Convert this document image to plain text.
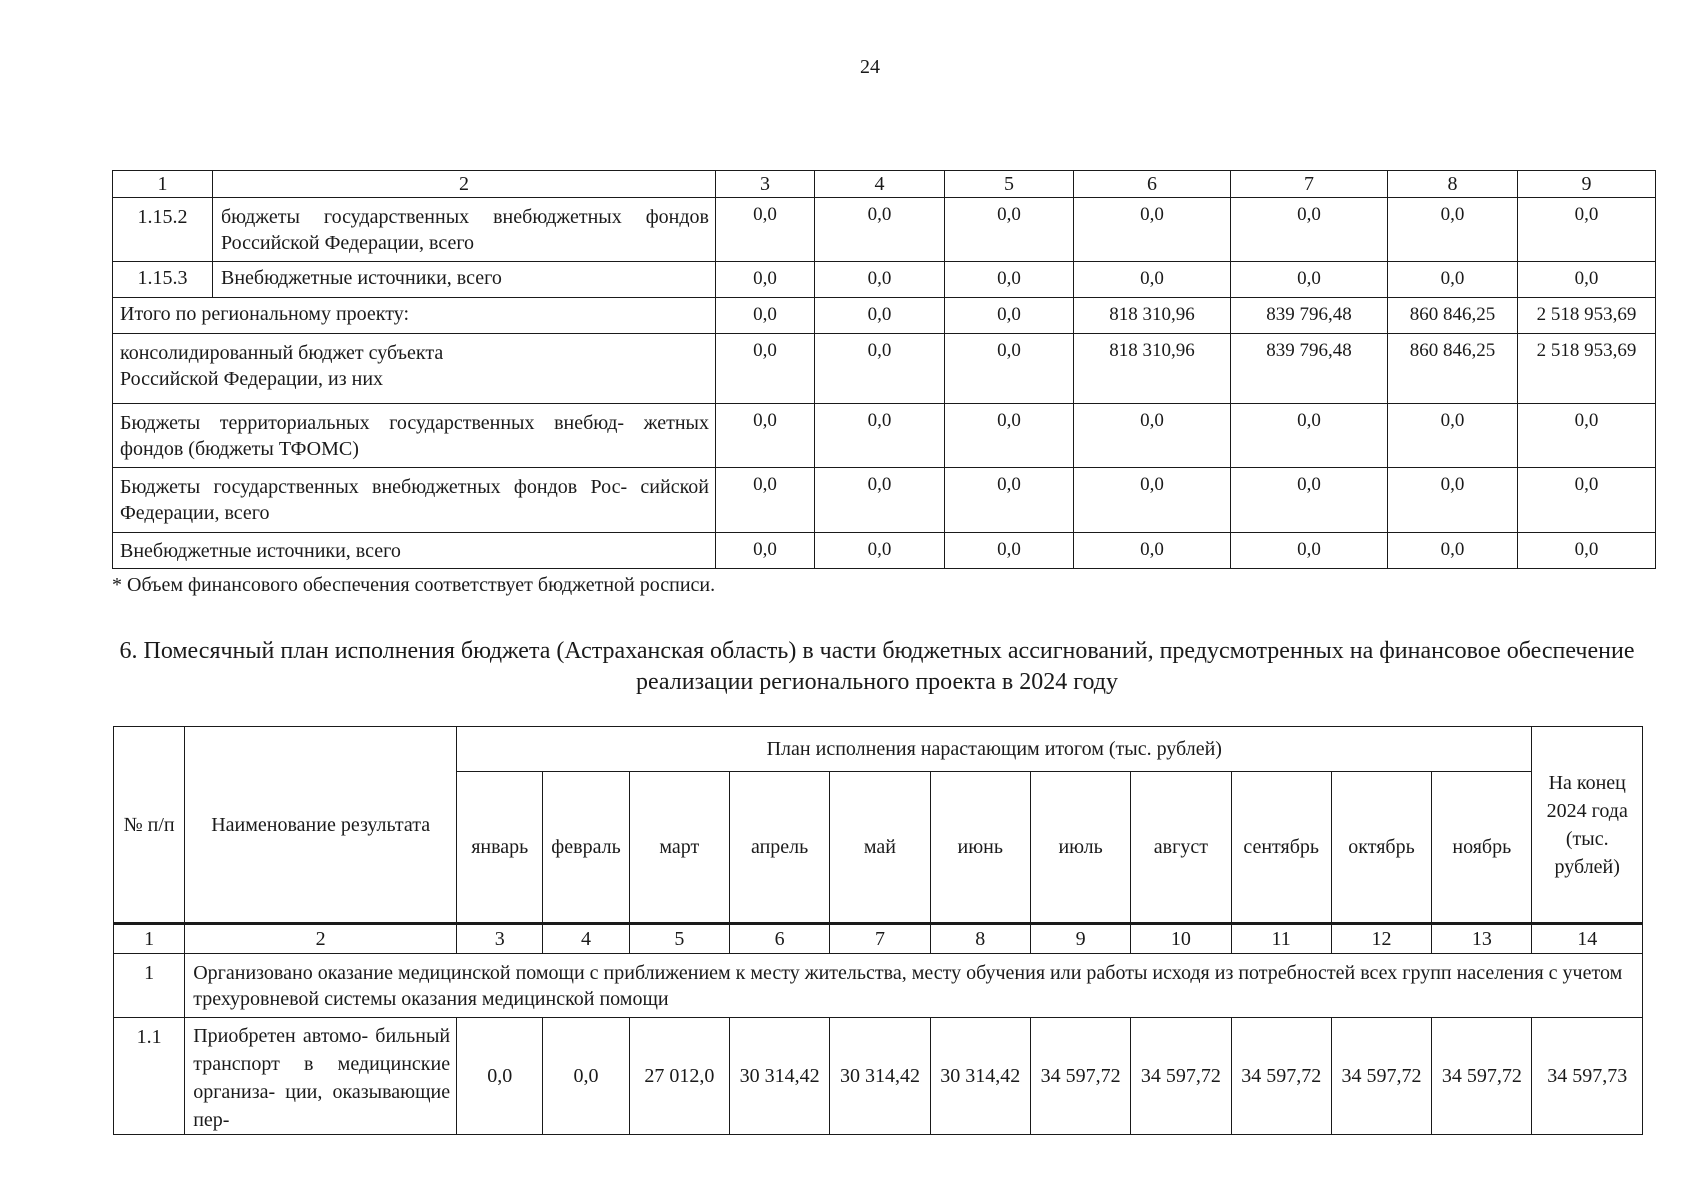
24
1	2	3	4	5	6	7	8	9
1.15.2	бюджеты государственных внебюджетных фондов Российской Федерации, всего	0,0	0,0	0,0	0,0	0,0	0,0	0,0
1.15.3	Внебюджетные источники, всего	0,0	0,0	0,0	0,0	0,0	0,0	0,0
Итого по региональному проекту:		0,0	0,0	0,0	818 310,96	839 796,48	860 846,25	2 518 953,69

консолидированный бюджет субъекта Российской Федерации, из них		0,0	0,0	0,0	818 310,96	839 796,48	860 846,25	2 518 953,69
Бюджеты территориальных государственных внебюд- жетных фондов (бюджеты ТФОМС)		0,0	0,0	0,0	0,0	0,0	0,0	0,0
Бюджеты государственных внебюджетных фондов Рос- сийской Федерации, всего		0,0	0,0	0,0	0,0	0,0	0,0	0,0
Внебюджетные источники, всего		0,0	0,0	0,0	0,0	0,0	0,0	0,0
* Объем финансового обеспечения соответствует бюджетной росписи.
6. Помесячный план исполнения бюджета (Астраханская область) в части бюджетных ассигнований, предусмотренных на финансовое обеспечение реализации регионального проекта в 2024 году
№ п/п	Наименование результата	План исполнения нарастающим итогом (тыс. рублей)											На конец 2024 года (тыс. рублей)
		январь	февраль	март	апрель	май	июнь	июль	август	сентябрь	октябрь	ноябрь	
1	2	3	4	5	6	7	8	9	10	11	12	13	14
1	Организовано оказание медицинской помощи с приближением к месту жительства, месту обучения или работы исходя из потребностей всех групп населения с учетом трехуровневой системы оказания медицинской помощи												
1.1	Приобретен автомо- бильный транспорт в медицинские организа- ции, оказывающие пер-	0,0	0,0	27 012,0	30 314,42	30 314,42	30 314,42	34 597,72	34 597,72	34 597,72	34 597,72	34 597,72	34 597,73
